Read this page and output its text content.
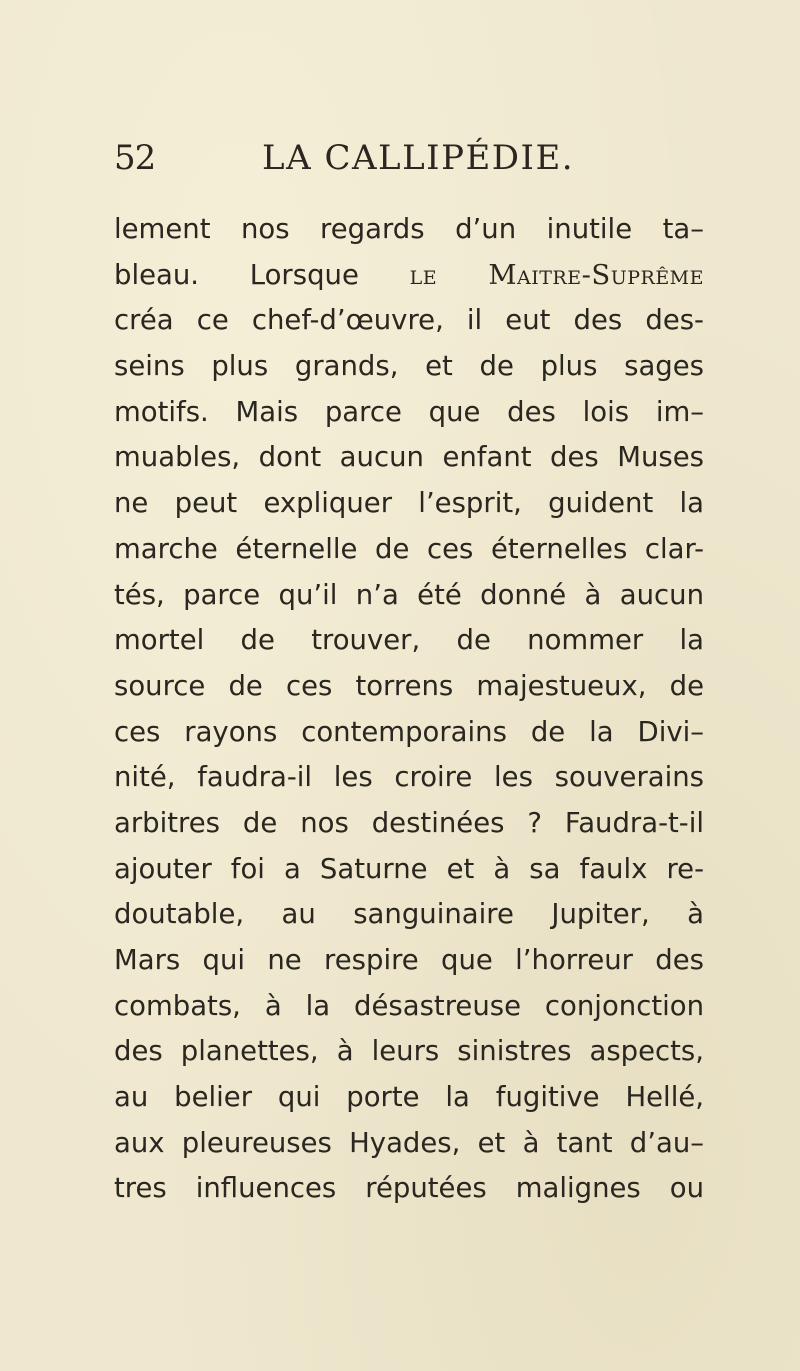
52	LA CALLIPÉDIE.
lement nos regards d’un inutile ta–
bleau. Lorsque le Maitre-Suprême
créa ce chef-d’œuvre, il eut des des-
seins plus grands, et de plus sages
motifs. Mais parce que des lois im–
muables, dont aucun enfant des Muses
ne peut expliquer l’esprit, guident la
marche éternelle de ces éternelles clar-
tés, parce qu’il n’a été donné à aucun
mortel de trouver, de nommer la
source de ces torrens majestueux, de
ces rayons contemporains de la Divi–
nité, faudra-il les croire les souverains
arbitres de nos destinées ? Faudra-t-il
ajouter foi a Saturne et à sa faulx re-
doutable, au sanguinaire Jupiter, à
Mars qui ne respire que l’horreur des
combats, à la désastreuse conjonction
des planettes, à leurs sinistres aspects,
au belier qui porte la fugitive Hellé,
aux pleureuses Hyades, et à tant d’au–
tres influences réputées malignes ou
